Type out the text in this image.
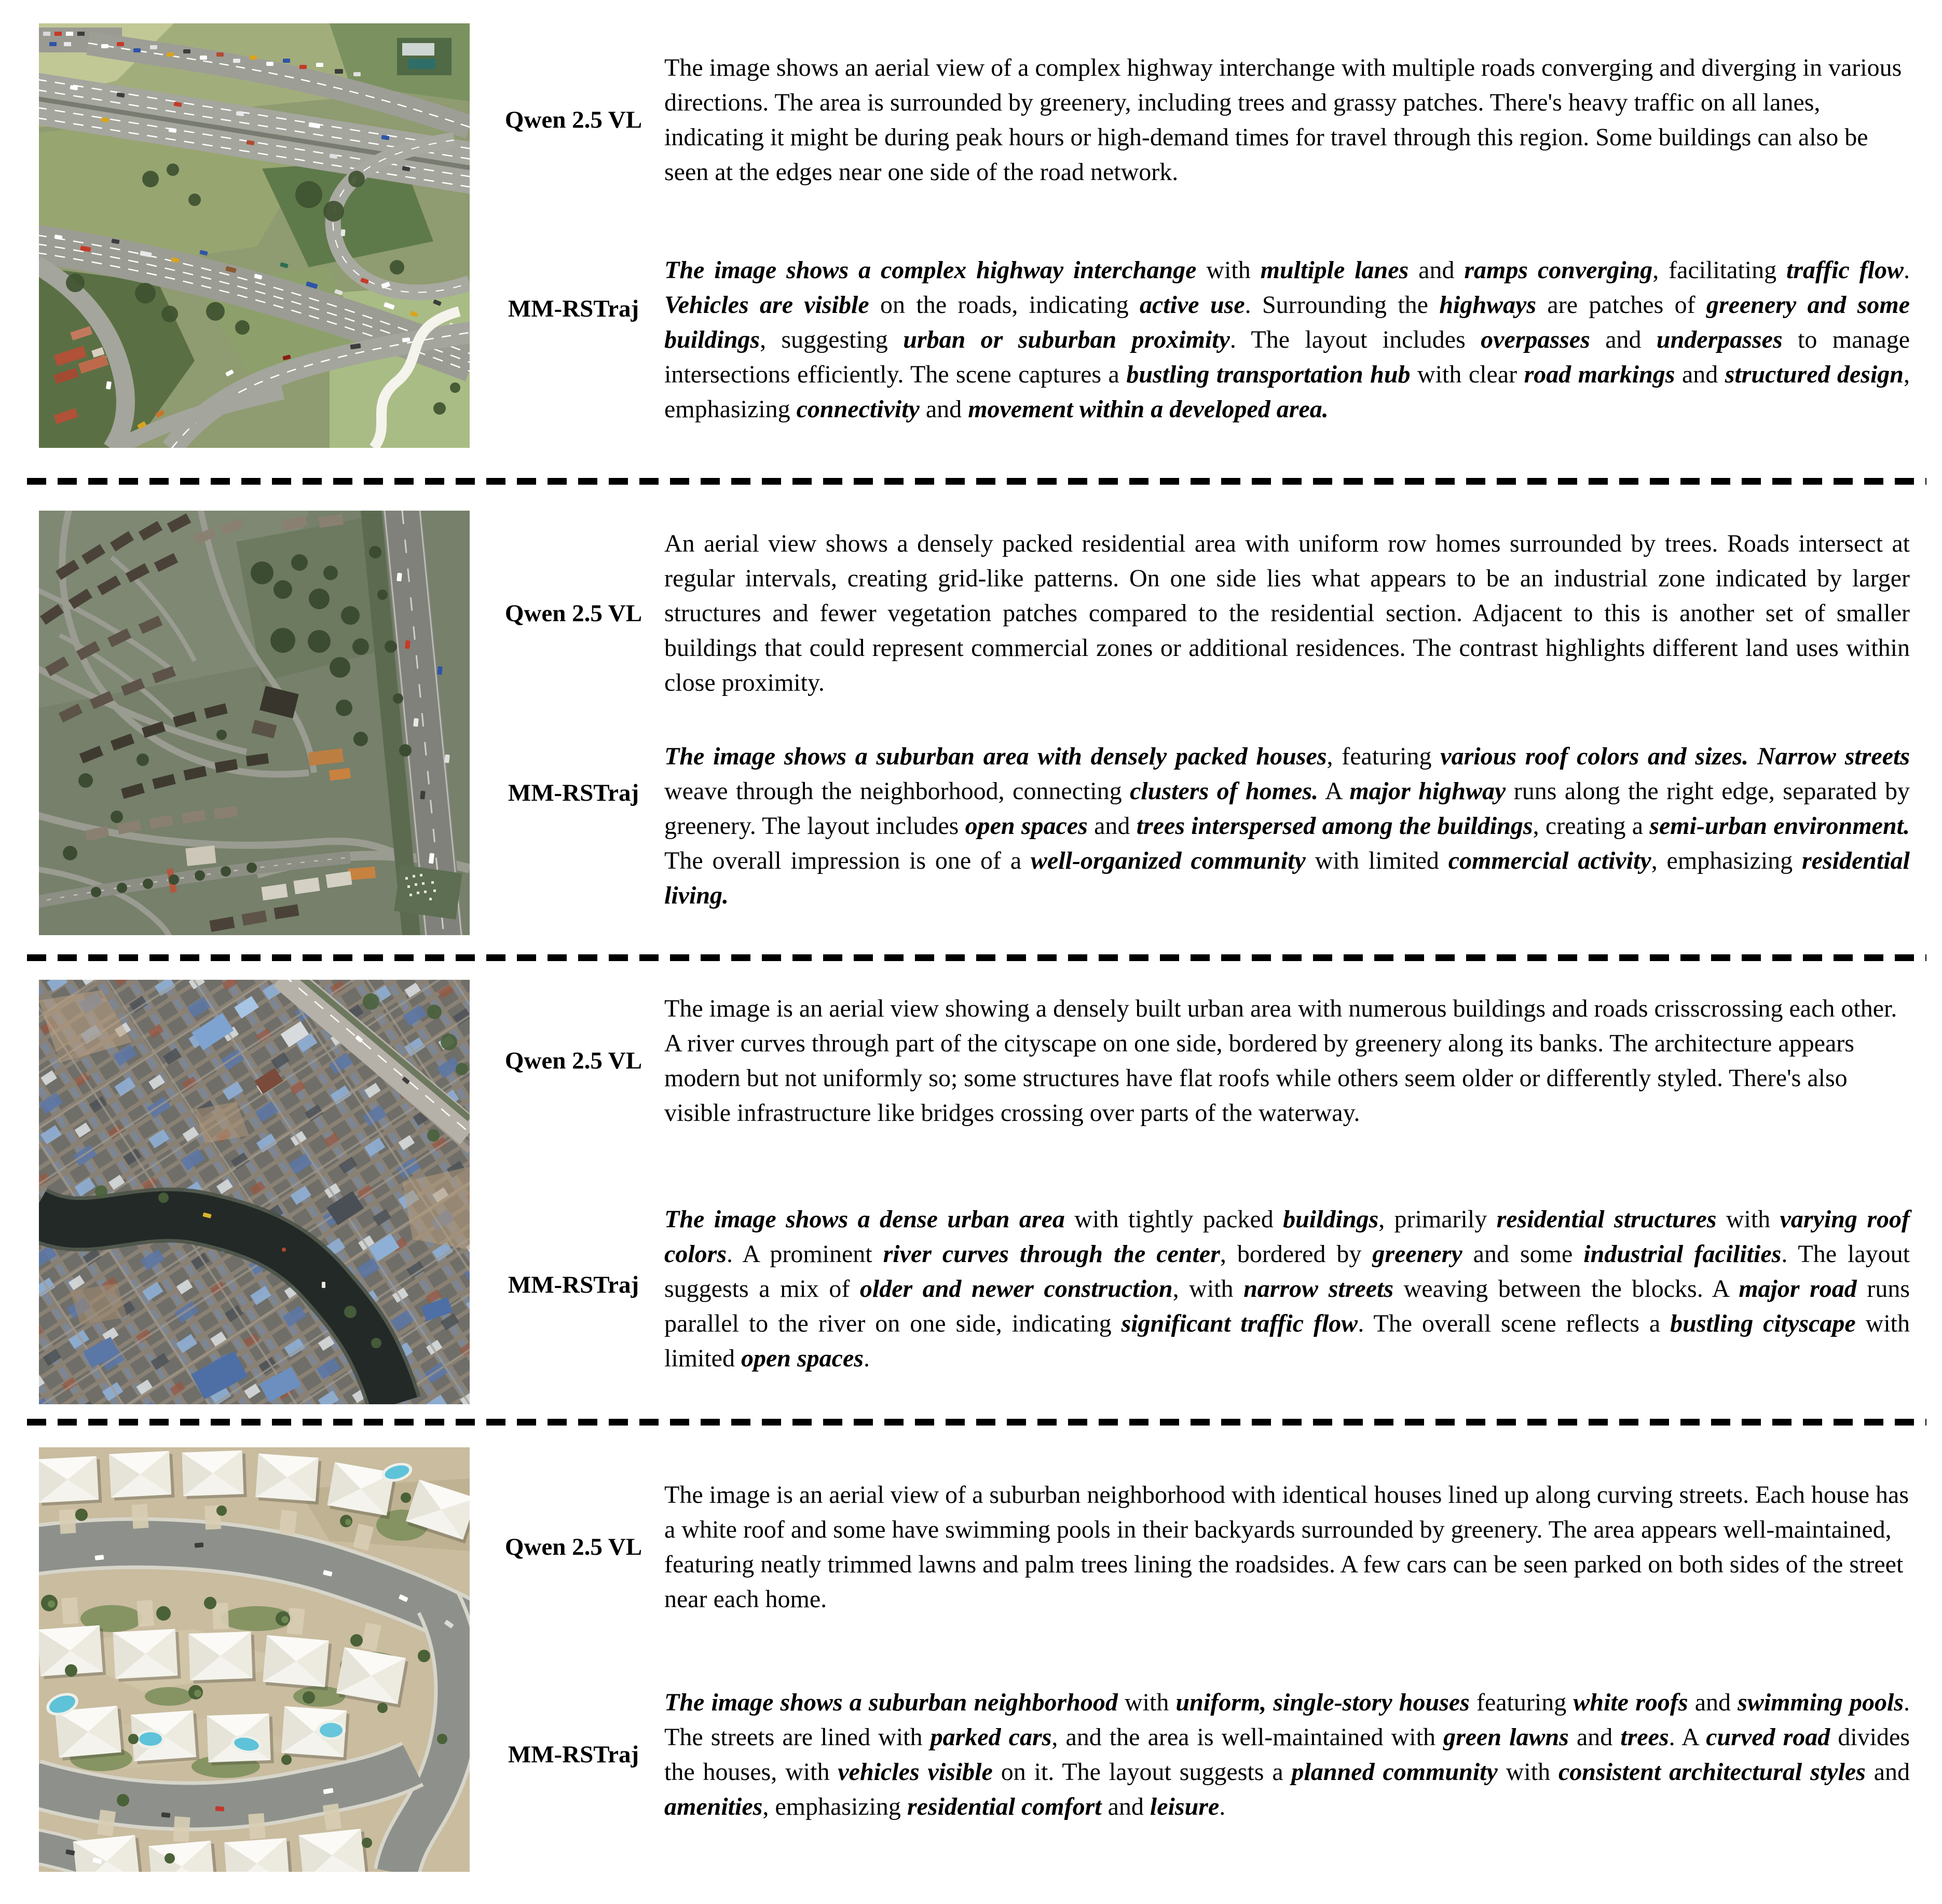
Qwen 2.5 VL

The image shows an aerial view of a complex highway interchange with multiple roads converging and diverging in various directions. The area is surrounded by greenery, including trees and grassy patches. There's heavy traffic on all lanes, indicating it might be during peak hours or high-demand times for travel through this region. Some buildings can also be seen at the edges near one side of the road network.

MM-RSTraj

The image shows a complex highway interchange with multiple lanes and ramps converging, facilitating traffic flow. Vehicles are visible on the roads, indicating active use. Surrounding the highways are patches of greenery and some buildings, suggesting urban or suburban proximity. The layout includes overpasses and underpasses to manage intersections efficiently. The scene captures a bustling transportation hub with clear road markings and structured design, emphasizing connectivity and movement within a developed area.

Qwen 2.5 VL

An aerial view shows a densely packed residential area with uniform row homes surrounded by trees. Roads intersect at regular intervals, creating grid-like patterns. On one side lies what appears to be an industrial zone indicated by larger structures and fewer vegetation patches compared to the residential section. Adjacent to this is another set of smaller buildings that could represent commercial zones or additional residences. The contrast highlights different land uses within close proximity.

MM-RSTraj

The image shows a suburban area with densely packed houses, featuring various roof colors and sizes. Narrow streets weave through the neighborhood, connecting clusters of homes. A major highway runs along the right edge, separated by greenery. The layout includes open spaces and trees interspersed among the buildings, creating a semi-urban environment. The overall impression is one of a well-organized community with limited commercial activity, emphasizing residential living.

Qwen 2.5 VL

The image is an aerial view showing a densely built urban area with numerous buildings and roads crisscrossing each other. A river curves through part of the cityscape on one side, bordered by greenery along its banks. The architecture appears modern but not uniformly so; some structures have flat roofs while others seem older or differently styled. There's also visible infrastructure like bridges crossing over parts of the waterway.

MM-RSTraj

The image shows a dense urban area with tightly packed buildings, primarily residential structures with varying roof colors. A prominent river curves through the center, bordered by greenery and some industrial facilities. The layout suggests a mix of older and newer construction, with narrow streets weaving between the blocks. A major road runs parallel to the river on one side, indicating significant traffic flow. The overall scene reflects a bustling cityscape with limited open spaces.

Qwen 2.5 VL

The image is an aerial view of a suburban neighborhood with identical houses lined up along curving streets. Each house has a white roof and some have swimming pools in their backyards surrounded by greenery. The area appears well-maintained, featuring neatly trimmed lawns and palm trees lining the roadsides. A few cars can be seen parked on both sides of the street near each home.

MM-RSTraj

The image shows a suburban neighborhood with uniform, single-story houses featuring white roofs and swimming pools. The streets are lined with parked cars, and the area is well-maintained with green lawns and trees. A curved road divides the houses, with vehicles visible on it. The layout suggests a planned community with consistent architectural styles and amenities, emphasizing residential comfort and leisure.
